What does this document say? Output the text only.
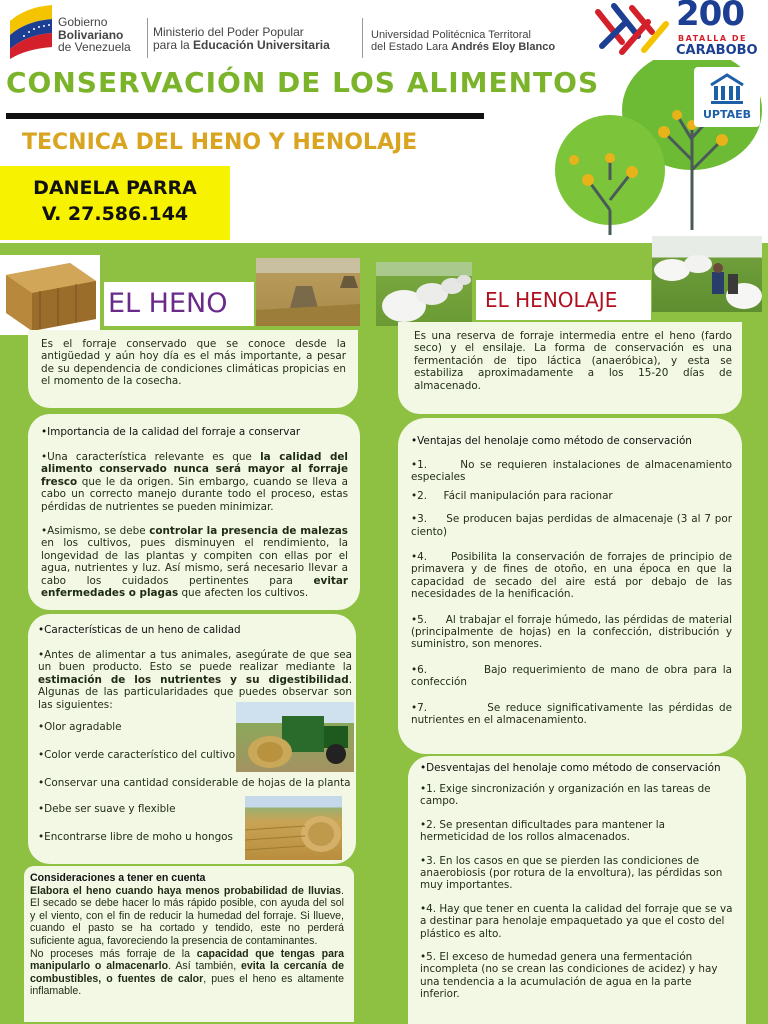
Gobierno
Bolivariano
de Venezuela
Ministerio del Poder Popular
para la Educación Universitaria
Universidad Politécnica Territoral
del Estado Lara Andrés Eloy Blanco
200
BATALLA DE
CARABOBO
CONSERVACIÓN DE LOS ALIMENTOS
TECNICA DEL HENO Y HENOLAJE
DANELA PARRA
V. 27.586.144
UPTAEB
EL HENO	EL HENOLAJE

Es el forraje conservado que se conoce desde la antigüedad y aún hoy día es el más importante, a pesar de su dependencia de condiciones climáticas propicias en el momento de la cosecha.

Es una reserva de forraje intermedia entre el heno (fardo seco) y el ensilaje. La forma de conservación es una fermentación de tipo láctica (anaeróbica), y esta se estabiliza aproximadamente a los 15-20 días de almacenado.

•Importancia de la calidad del forraje a conservar

•Una característica relevante es que la calidad del alimento conservado nunca será mayor al forraje fresco que le da origen. Sin embargo, cuando se lleva a cabo un correcto manejo durante todo el proceso, estas pérdidas de nutrientes se pueden minimizar.

•Asimismo, se debe controlar la presencia de malezas en los cultivos, pues disminuyen el rendimiento, la longevidad de las plantas y compiten con ellas por el agua, nutrientes y luz. Así mismo, será necesario llevar a cabo los cuidados pertinentes para evitar enfermedades o plagas que afecten los cultivos.

•Características de un heno de calidad

•Antes de alimentar a tus animales, asegúrate de que sea un buen producto. Esto se puede realizar mediante la estimación de los nutrientes y su digestibilidad. Algunas de las particularidades que puedes observar son las siguientes:

•Olor agradable

•Color verde característico del cultivo

•Conservar una cantidad considerable de hojas de la planta

•Debe ser suave y flexible

•Encontrarse libre de moho u hongos

Consideraciones a tener en cuenta

Elabora el heno cuando haya menos probabilidad de lluvias. El secado se debe hacer lo más rápido posible, con ayuda del sol y el viento, con el fin de reducir la humedad del forraje. Si llueve, cuando el pasto se ha cortado y tendido, este no perderá suficiente agua, favoreciendo la presencia de contaminantes.

No proceses más forraje de la capacidad que tengas para manipularlo o almacenarlo. Así también, evita la cercanía de combustibles, o fuentes de calor, pues el heno es altamente inflamable.

•Ventajas del henolaje como método de conservación

•1.      No se requieren instalaciones de almacenamiento especiales

•2.     Fácil manipulación para racionar

•3.     Se producen bajas perdidas de almacenaje (3 al 7 por ciento)

•4.     Posibilita la conservación de forrajes de principio de primavera y de fines de otoño, en una época en que la capacidad de secado del aire está por debajo de las necesidades de la henificación.

•5.     Al trabajar el forraje húmedo, las pérdidas de material (principalmente de hojas) en la confección, distribución y suministro, son menores.

•6.          Bajo requerimiento de mano de obra para la confección

•7.           Se reduce significativamente las pérdidas de nutrientes en el almacenamiento.

•Desventajas del henolaje como método de conservación

•1. Exige sincronización y organización en las tareas de campo.

•2. Se presentan dificultades para mantener la hermeticidad de los rollos almacenados.

•3. En los casos en que se pierden las condiciones de anaerobiosis (por rotura de la envoltura), las pérdidas son muy importantes.

•4. Hay que tener en cuenta la calidad del forraje que se va a destinar para henolaje empaquetado ya que el costo del plástico es alto.

•5. El exceso de humedad genera una fermentación incompleta (no se crean las condiciones de acidez) y hay una tendencia a la acumulación de agua en la parte inferior.
